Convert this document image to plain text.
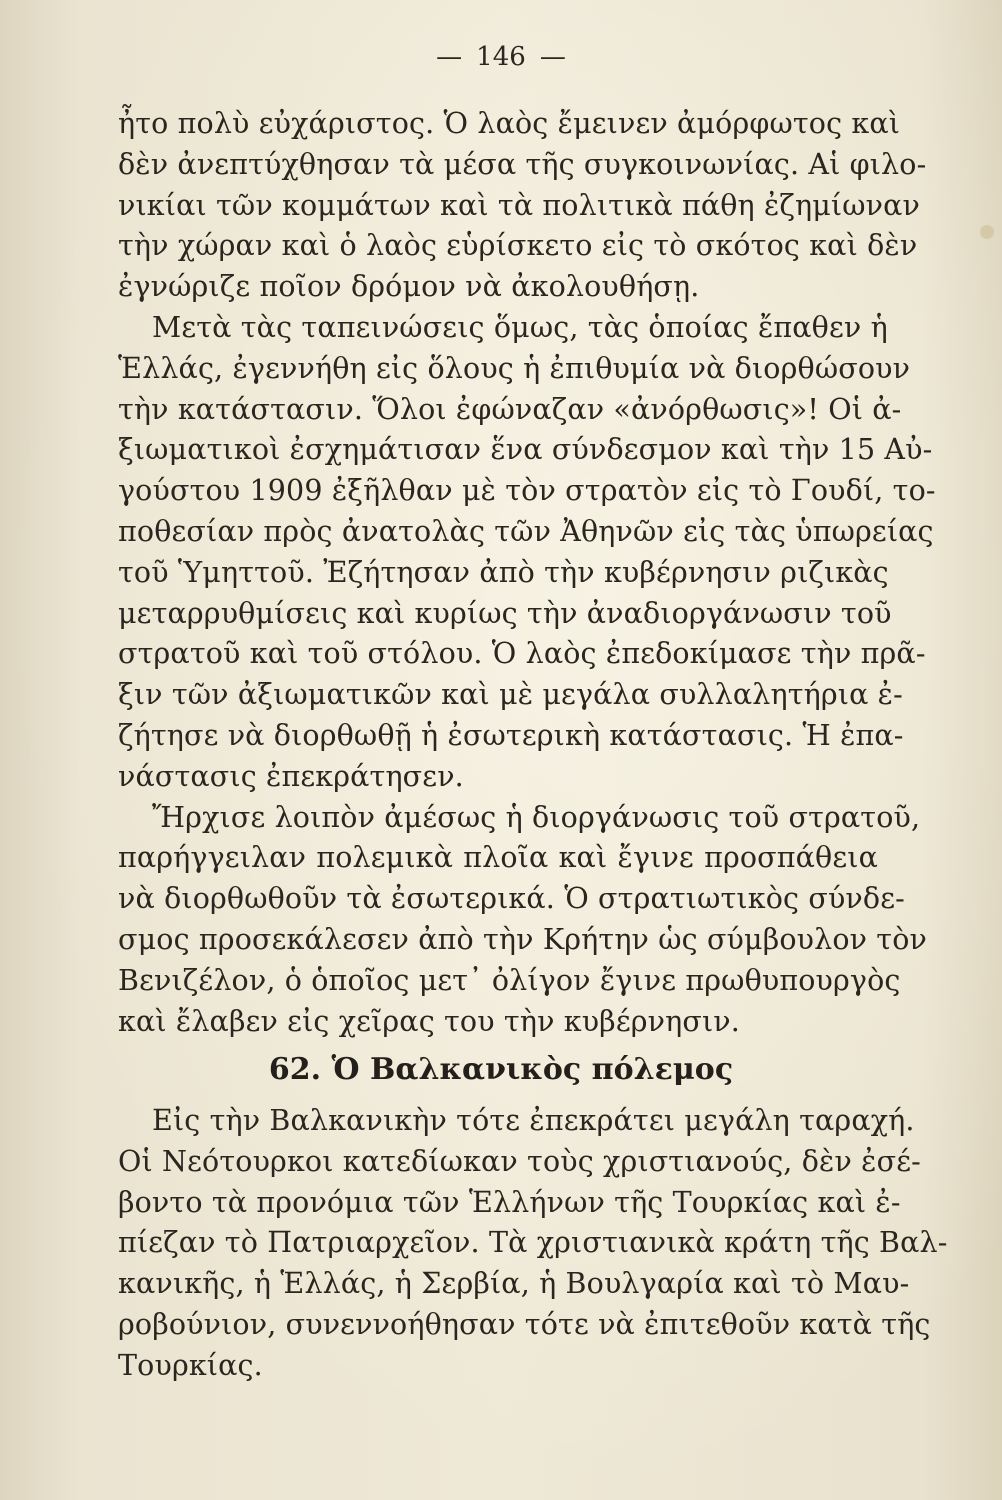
— 146 —
ἦτο πολὺ εὐχάριστος. Ὁ λαὸς ἔμεινεν ἀμόρφωτος καὶ
δὲν ἀνεπτύχθησαν τὰ μέσα τῆς συγκοινωνίας. Αἱ φιλο-
νικίαι τῶν κομμάτων καὶ τὰ πολιτικὰ πάθη ἐζημίωναν
τὴν χώραν καὶ ὁ λαὸς εὑρίσκετο εἰς τὸ σκότος καὶ δὲν
ἐγνώριζε ποῖον δρόμον νὰ ἀκολουθήσῃ.
Μετὰ τὰς ταπεινώσεις ὅμως, τὰς ὁποίας ἔπαθεν ἡ
Ἑλλάς, ἐγεννήθη εἰς ὅλους ἡ ἐπιθυμία νὰ διορθώσουν
τὴν κατάστασιν. Ὅλοι ἐφώναζαν «ἀνόρθωσις»! Οἱ ἀ-
ξιωματικοὶ ἐσχημάτισαν ἕνα σύνδεσμον καὶ τὴν 15 Αὐ-
γούστου 1909 ἐξῆλθαν μὲ τὸν στρατὸν εἰς τὸ Γουδί, το-
ποθεσίαν πρὸς ἀνατολὰς τῶν Ἀθηνῶν εἰς τὰς ὑπωρείας
τοῦ Ὑμηττοῦ. Ἐζήτησαν ἀπὸ τὴν κυβέρνησιν ριζικὰς
μεταρρυθμίσεις καὶ κυρίως τὴν ἀναδιοργάνωσιν τοῦ
στρατοῦ καὶ τοῦ στόλου. Ὁ λαὸς ἐπεδοκίμασε τὴν πρᾶ-
ξιν τῶν ἀξιωματικῶν καὶ μὲ μεγάλα συλλαλητήρια ἐ-
ζήτησε νὰ διορθωθῇ ἡ ἐσωτερικὴ κατάστασις. Ἡ ἐπα-
νάστασις ἐπεκράτησεν.
Ἤρχισε λοιπὸν ἀμέσως ἡ διοργάνωσις τοῦ στρατοῦ,
παρήγγειλαν πολεμικὰ πλοῖα καὶ ἔγινε προσπάθεια
νὰ διορθωθοῦν τὰ ἐσωτερικά. Ὁ στρατιωτικὸς σύνδε-
σμος προσεκάλεσεν ἀπὸ τὴν Κρήτην ὡς σύμβουλον τὸν
Βενιζέλον, ὁ ὁποῖος μετ᾿ ὀλίγον ἔγινε πρωθυπουργὸς
καὶ ἔλαβεν εἰς χεῖρας του τὴν κυβέρνησιν.
62. Ὁ Βαλκανικὸς πόλεμος
Εἰς τὴν Βαλκανικὴν τότε ἐπεκράτει μεγάλη ταραχή.
Οἱ Νεότουρκοι κατεδίωκαν τοὺς χριστιανούς, δὲν ἐσέ-
βοντο τὰ προνόμια τῶν Ἑλλήνων τῆς Τουρκίας καὶ ἐ-
πίεζαν τὸ Πατριαρχεῖον. Τὰ χριστιανικὰ κράτη τῆς Βαλ-
κανικῆς, ἡ Ἑλλάς, ἡ Σερβία, ἡ Βουλγαρία καὶ τὸ Μαυ-
ροβούνιον, συνεννοήθησαν τότε νὰ ἐπιτεθοῦν κατὰ τῆς
Τουρκίας.
